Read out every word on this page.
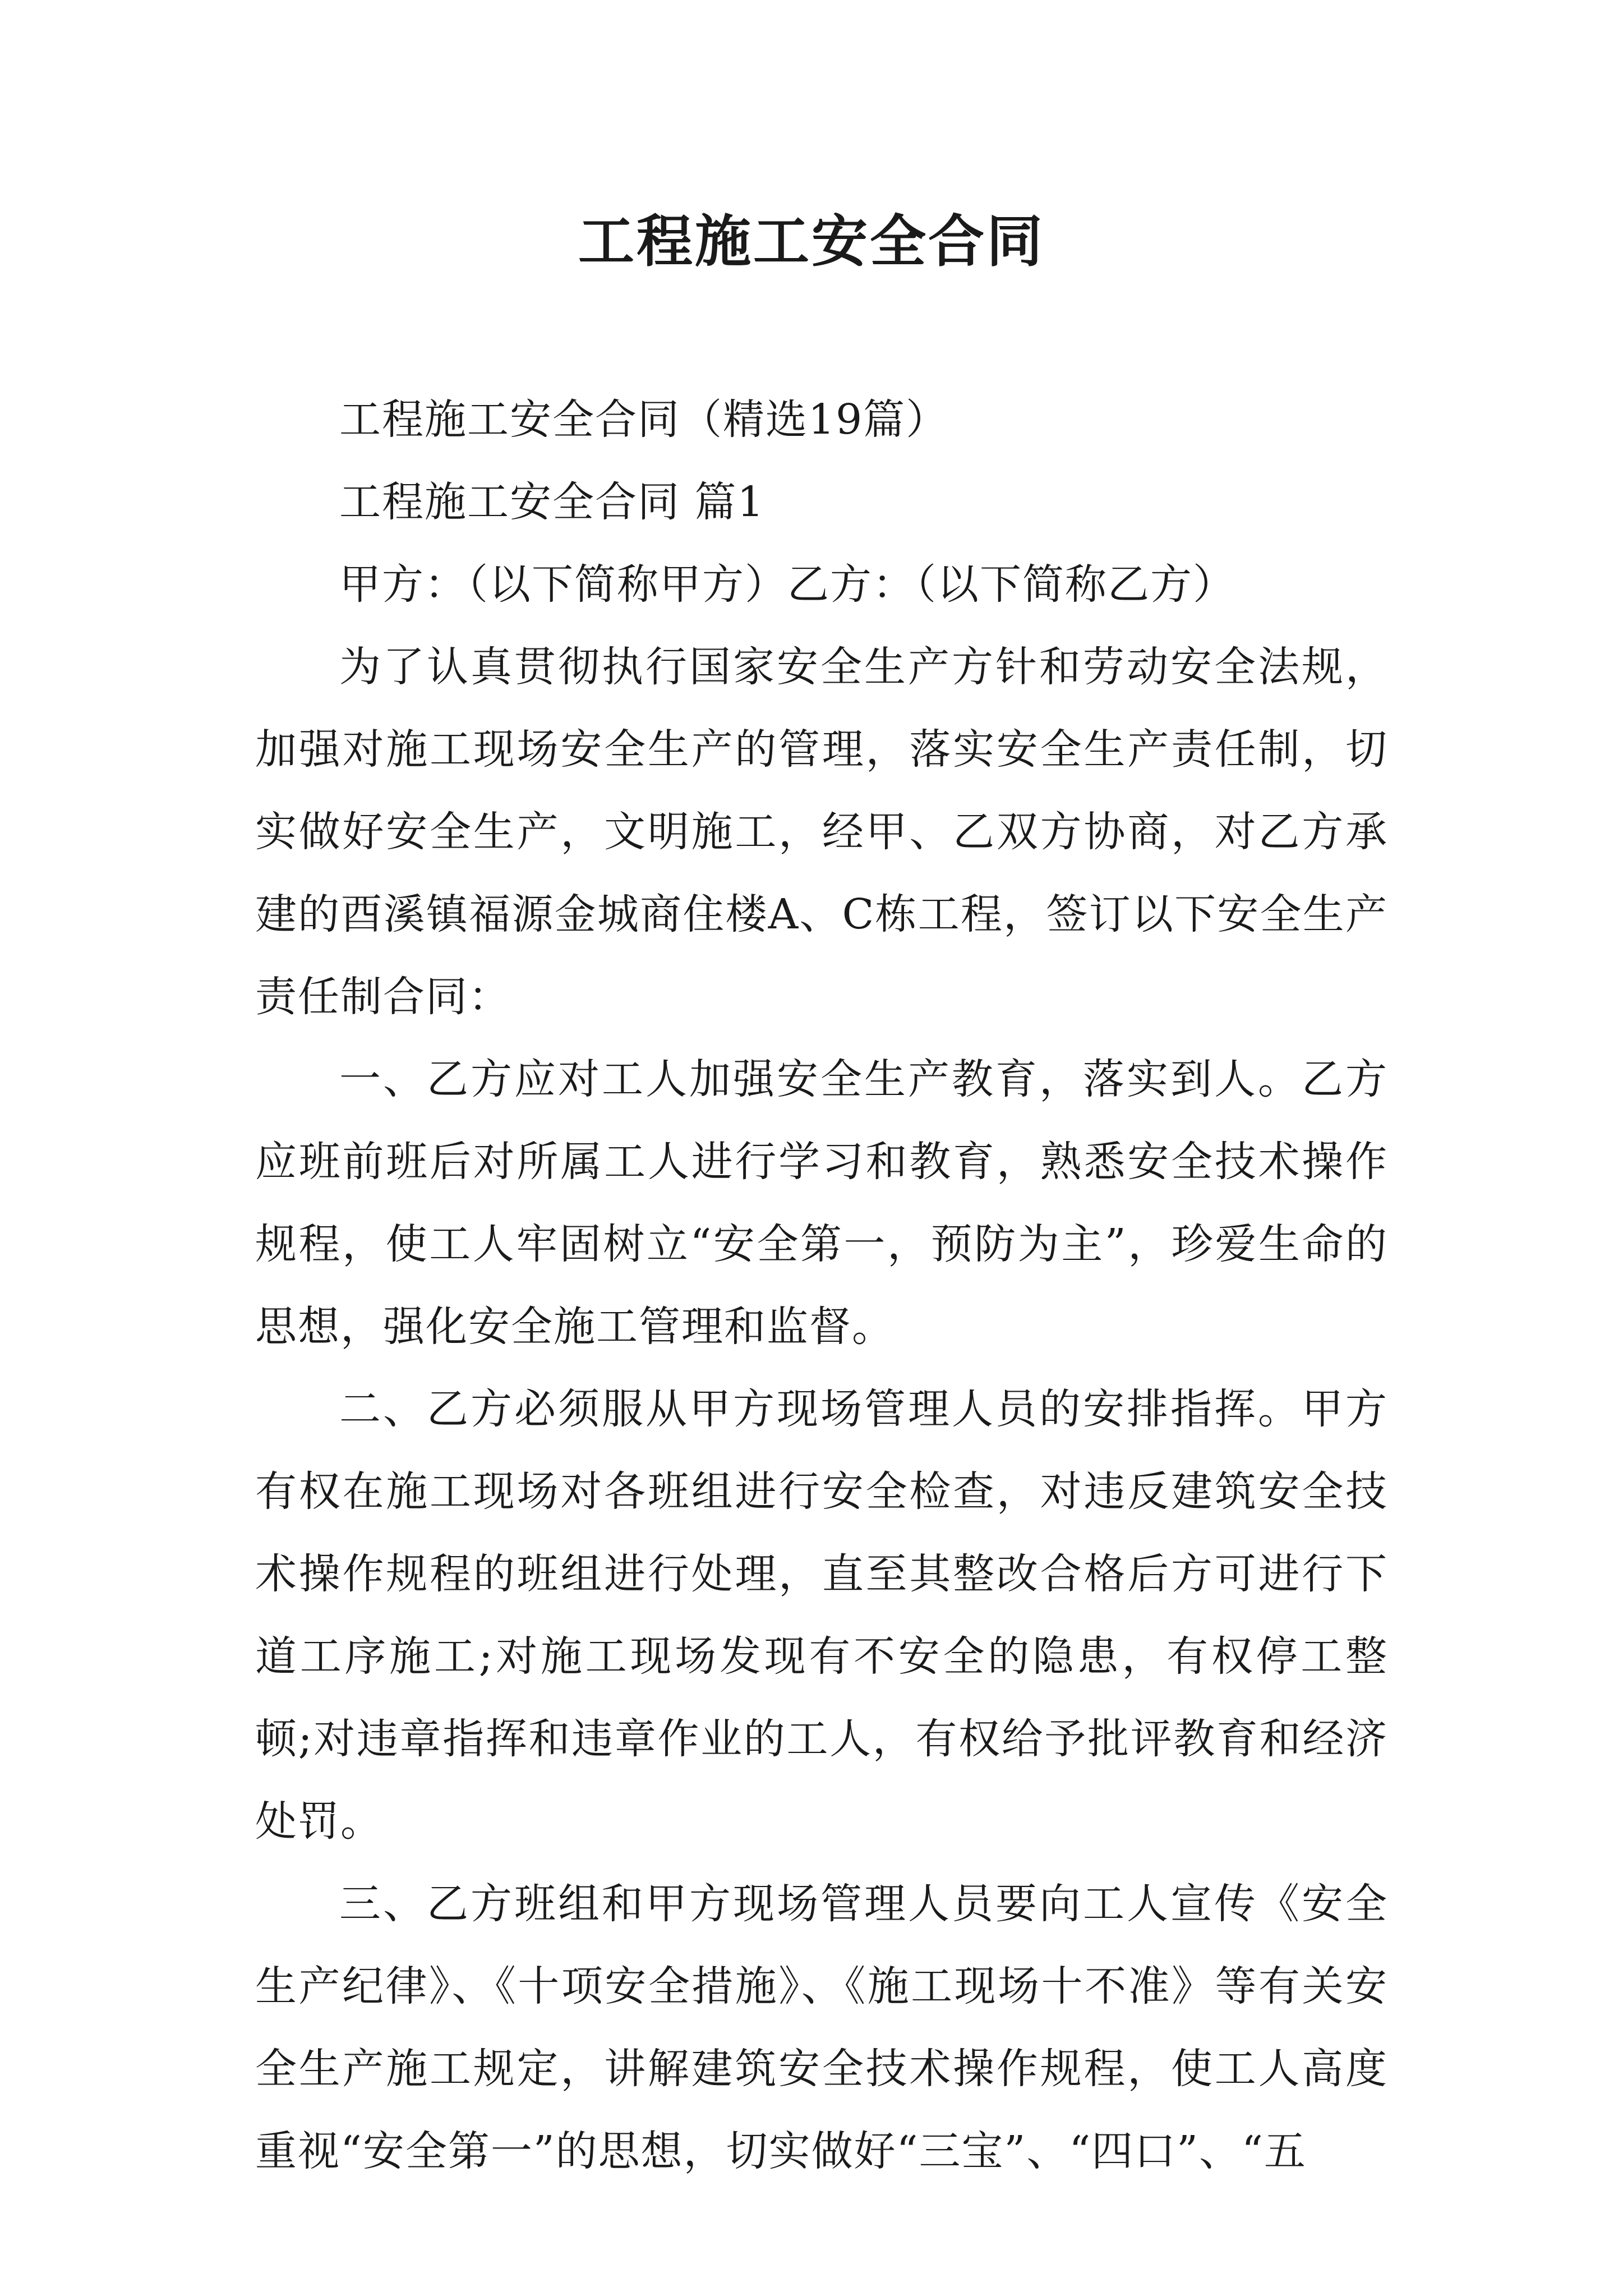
工程施工安全合同

工程施工安全合同（精选19篇）

工程施工安全合同 篇1

甲方：（以下简称甲方）乙方：（以下简称乙方）

为了认真贯彻执行国家安全生产方针和劳动安全法规，加强对施工现场安全生产的管理，落实安全生产责任制，切实做好安全生产，文明施工，经甲、乙双方协商，对乙方承建的酉溪镇福源金城商住楼A、C栋工程，签订以下安全生产责任制合同：

一、乙方应对工人加强安全生产教育，落实到人。乙方应班前班后对所属工人进行学习和教育，熟悉安全技术操作规程，使工人牢固树立“安全第一，预防为主”，珍爱生命的思想，强化安全施工管理和监督。

二、乙方必须服从甲方现场管理人员的安排指挥。甲方有权在施工现场对各班组进行安全检查，对违反建筑安全技术操作规程的班组进行处理，直至其整改合格后方可进行下道工序施工;对施工现场发现有不安全的隐患，有权停工整顿;对违章指挥和违章作业的工人，有权给予批评教育和经济处罚。

三、乙方班组和甲方现场管理人员要向工人宣传《安全生产纪律》、《十项安全措施》、《施工现场十不准》等有关安全生产施工规定，讲解建筑安全技术操作规程，使工人高度重视“安全第一”的思想，切实做好“三宝”、“四口”、“五
